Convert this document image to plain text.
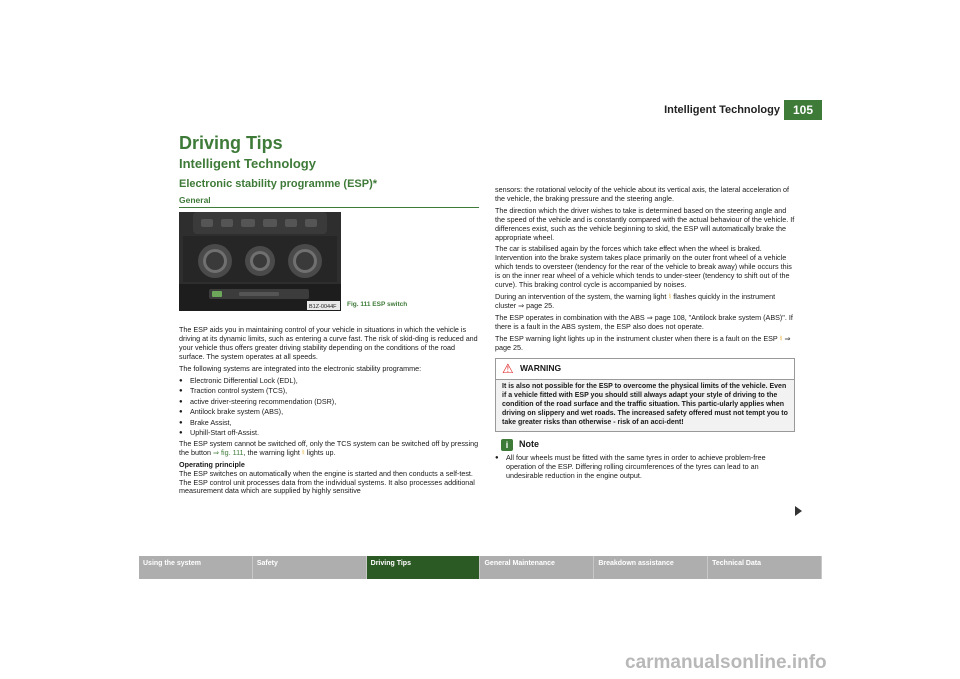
Intelligent Technology	105
Driving Tips
Intelligent Technology
Electronic stability programme (ESP)*
General
B1Z-0044F Fig. 111 ESP switch

The ESP aids you in maintaining control of your vehicle in situations in which the vehicle is driving at its dynamic limits, such as entering a curve fast. The risk of skid-ding is reduced and your vehicle thus offers greater driving stability depending on the conditions of the road surface. The system operates at all speeds.

The following systems are integrated into the electronic stability programme:

● Electronic Differential Lock (EDL),
● Traction control system (TCS),
● active driver-steering recommendation (DSR),
● Antilock brake system (ABS),
● Brake Assist,
● Uphill-Start off-Assist.

The ESP system cannot be switched off, only the TCS system can be switched off by pressing the button ⇒ fig. 111, the warning light ♮ lights up.

Operating principle

The ESP switches on automatically when the engine is started and then conducts a self-test. The ESP control unit processes data from the individual systems. It also processes additional measurement data which are supplied by highly sensitive

sensors: the rotational velocity of the vehicle about its vertical axis, the lateral acceleration of the vehicle, the braking pressure and the steering angle.

The direction which the driver wishes to take is determined based on the steering angle and the speed of the vehicle and is constantly compared with the actual behaviour of the vehicle. If differences exist, such as the vehicle beginning to skid, the ESP will automatically brake the appropriate wheel.

The car is stabilised again by the forces which take effect when the wheel is braked. Intervention into the brake system takes place primarily on the outer front wheel of a vehicle which tends to oversteer (tendency for the rear of the vehicle to break away) while occurs this is on the inner rear wheel of a vehicle which tends to under-steer (tendency to shift out of the curve). This braking control cycle is accompanied by noises.

During an intervention of the system, the warning light ♮ flashes quickly in the instrument cluster ⇒ page 25.

The ESP operates in combination with the ABS ⇒ page 108, "Antilock brake system (ABS)". If there is a fault in the ABS system, the ESP also does not operate.

The ESP warning light lights up in the instrument cluster when there is a fault on the ESP ♮ ⇒ page 25.

⚠ WARNING
It is also not possible for the ESP to overcome the physical limits of the vehicle. Even if a vehicle fitted with ESP you should still always adapt your style of driving to the condition of the road surface and the traffic situation. This partic-ularly applies when driving on slippery and wet roads. The increased safety offered must not tempt you to take greater risks than otherwise - risk of an acci-dent!
i	Note
● All four wheels must be fitted with the same tyres in order to achieve problem-free operation of the ESP. Differing rolling circumferences of the tyres can lead to an undesirable reduction in the engine output.
Using the system	Safety	Driving Tips	General Maintenance	Breakdown assistance	Technical Data
carmanualsonline.info
